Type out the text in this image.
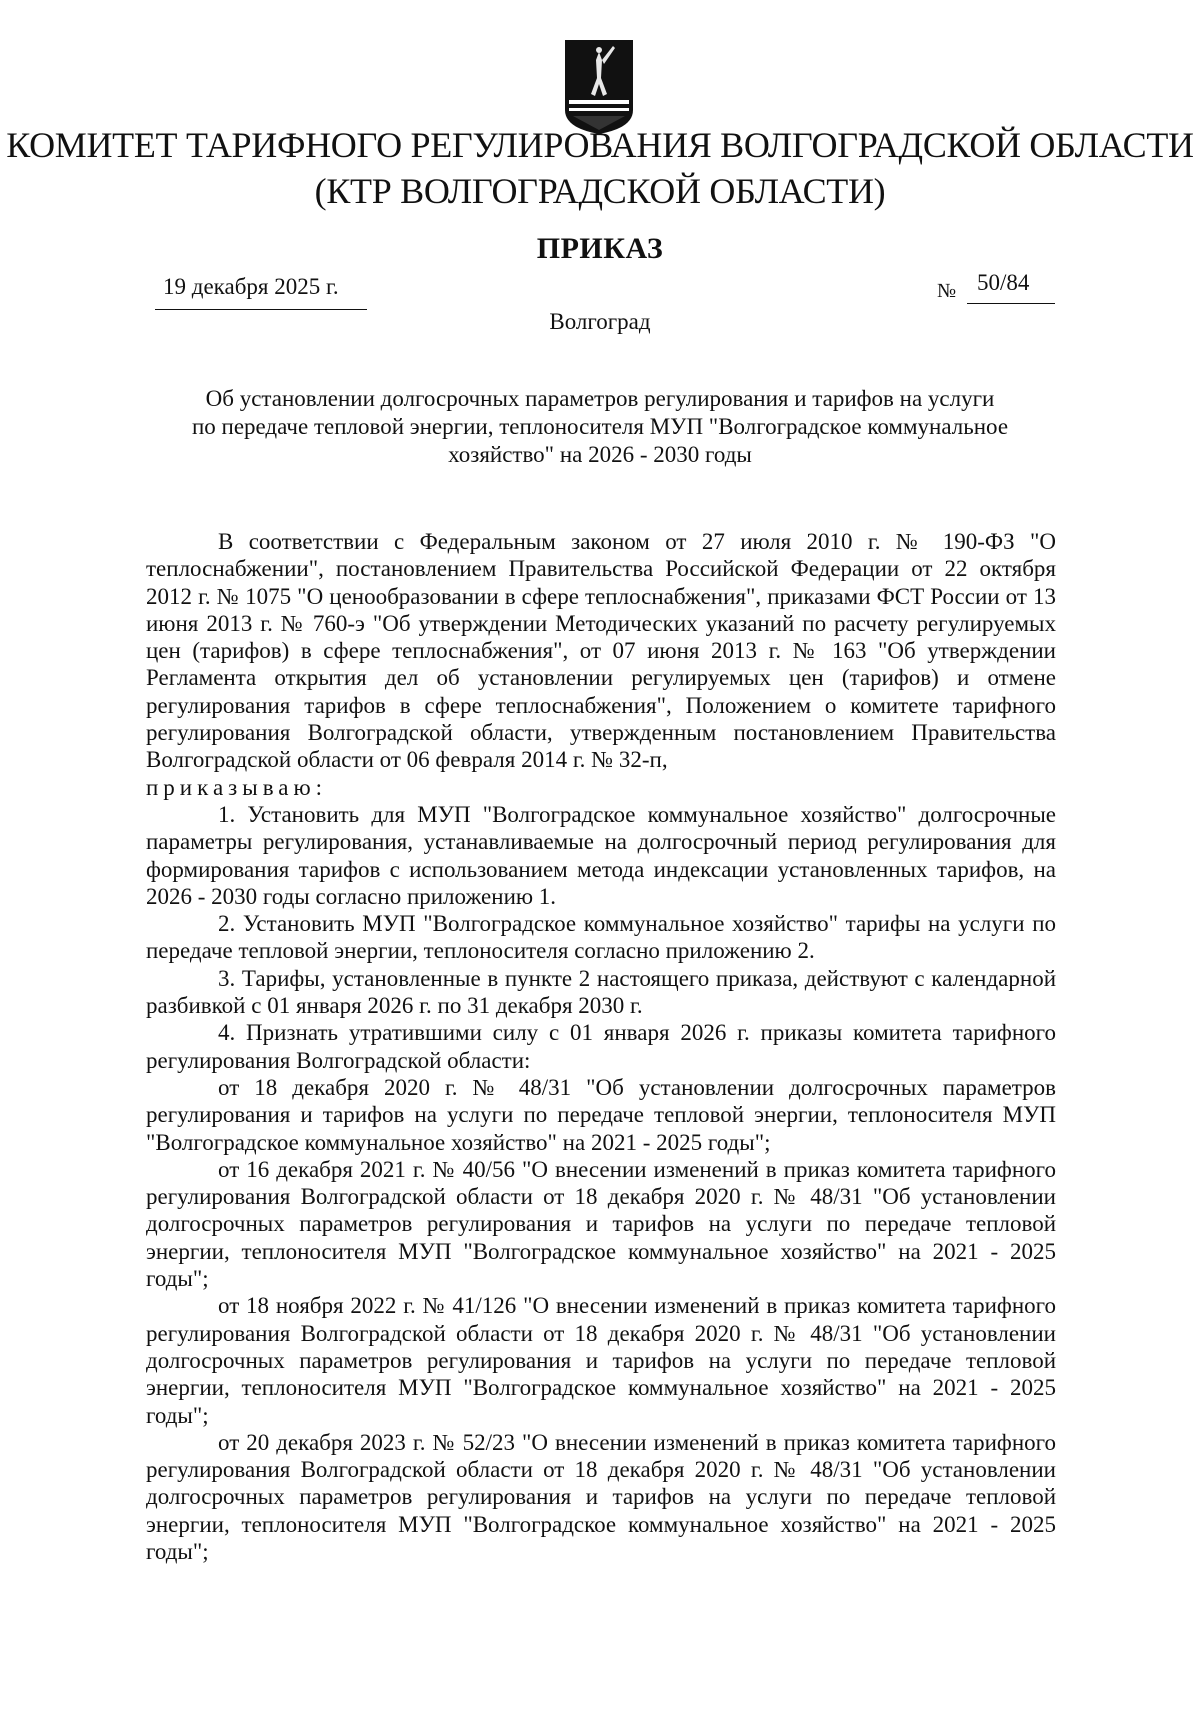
КОМИТЕТ ТАРИФНОГО РЕГУЛИРОВАНИЯ ВОЛГОГРАДСКОЙ ОБЛАСТИ
(КТР ВОЛГОГРАДСКОЙ ОБЛАСТИ)
ПРИКАЗ
19 декабря 2025 г.	№ 50/84
Волгоград
Об установлении долгосрочных параметров регулирования и тарифов на услуги
по передаче тепловой энергии, теплоносителя МУП "Волгоградское коммунальное
хозяйство" на 2026 - 2030 годы

В соответствии с Федеральным законом от 27 июля 2010 г. № 190-ФЗ "О теплоснабжении", постановлением Правительства Российской Федерации от 22 октября 2012 г. № 1075 "О ценообразовании в сфере теплоснабжения", приказами ФСТ России от 13 июня 2013 г. № 760-э "Об утверждении Методических указаний по расчету регулируемых цен (тарифов) в сфере теплоснабжения", от 07 июня 2013 г. № 163 "Об утверждении Регламента открытия дел об установлении регулируемых цен (тарифов) и отмене регулирования тарифов в сфере теплоснабжения", Положением о комитете тарифного регулирования Волгоградской области, утвержденным постановлением Правительства Волгоградской области от 06 февраля 2014 г. № 32-п,

приказываю:

1. Установить для МУП "Волгоградское коммунальное хозяйство" долгосрочные параметры регулирования, устанавливаемые на долгосрочный период регулирования для формирования тарифов с использованием метода индексации установленных тарифов, на 2026 - 2030 годы согласно приложению 1.

2. Установить МУП "Волгоградское коммунальное хозяйство" тарифы на услуги по передаче тепловой энергии, теплоносителя согласно приложению 2.

3. Тарифы, установленные в пункте 2 настоящего приказа, действуют с календарной разбивкой с 01 января 2026 г. по 31 декабря 2030 г.

4. Признать утратившими силу с 01 января 2026 г. приказы комитета тарифного регулирования Волгоградской области:

от 18 декабря 2020 г. № 48/31 "Об установлении долгосрочных параметров регулирования и тарифов на услуги по передаче тепловой энергии, теплоносителя МУП "Волгоградское коммунальное хозяйство" на 2021 - 2025 годы";

от 16 декабря 2021 г. № 40/56 "О внесении изменений в приказ комитета тарифного регулирования Волгоградской области от 18 декабря 2020 г. № 48/31 "Об установлении долгосрочных параметров регулирования и тарифов на услуги по передаче тепловой энергии, теплоносителя МУП "Волгоградское коммунальное хозяйство" на 2021 - 2025 годы";

от 18 ноября 2022 г. № 41/126 "О внесении изменений в приказ комитета тарифного регулирования Волгоградской области от 18 декабря 2020 г. № 48/31 "Об установлении долгосрочных параметров регулирования и тарифов на услуги по передаче тепловой энергии, теплоносителя МУП "Волгоградское коммунальное хозяйство" на 2021 - 2025 годы";

от 20 декабря 2023 г. № 52/23 "О внесении изменений в приказ комитета тарифного регулирования Волгоградской области от 18 декабря 2020 г. № 48/31 "Об установлении долгосрочных параметров регулирования и тарифов на услуги по передаче тепловой энергии, теплоносителя МУП "Волгоградское коммунальное хозяйство" на 2021 - 2025 годы";
